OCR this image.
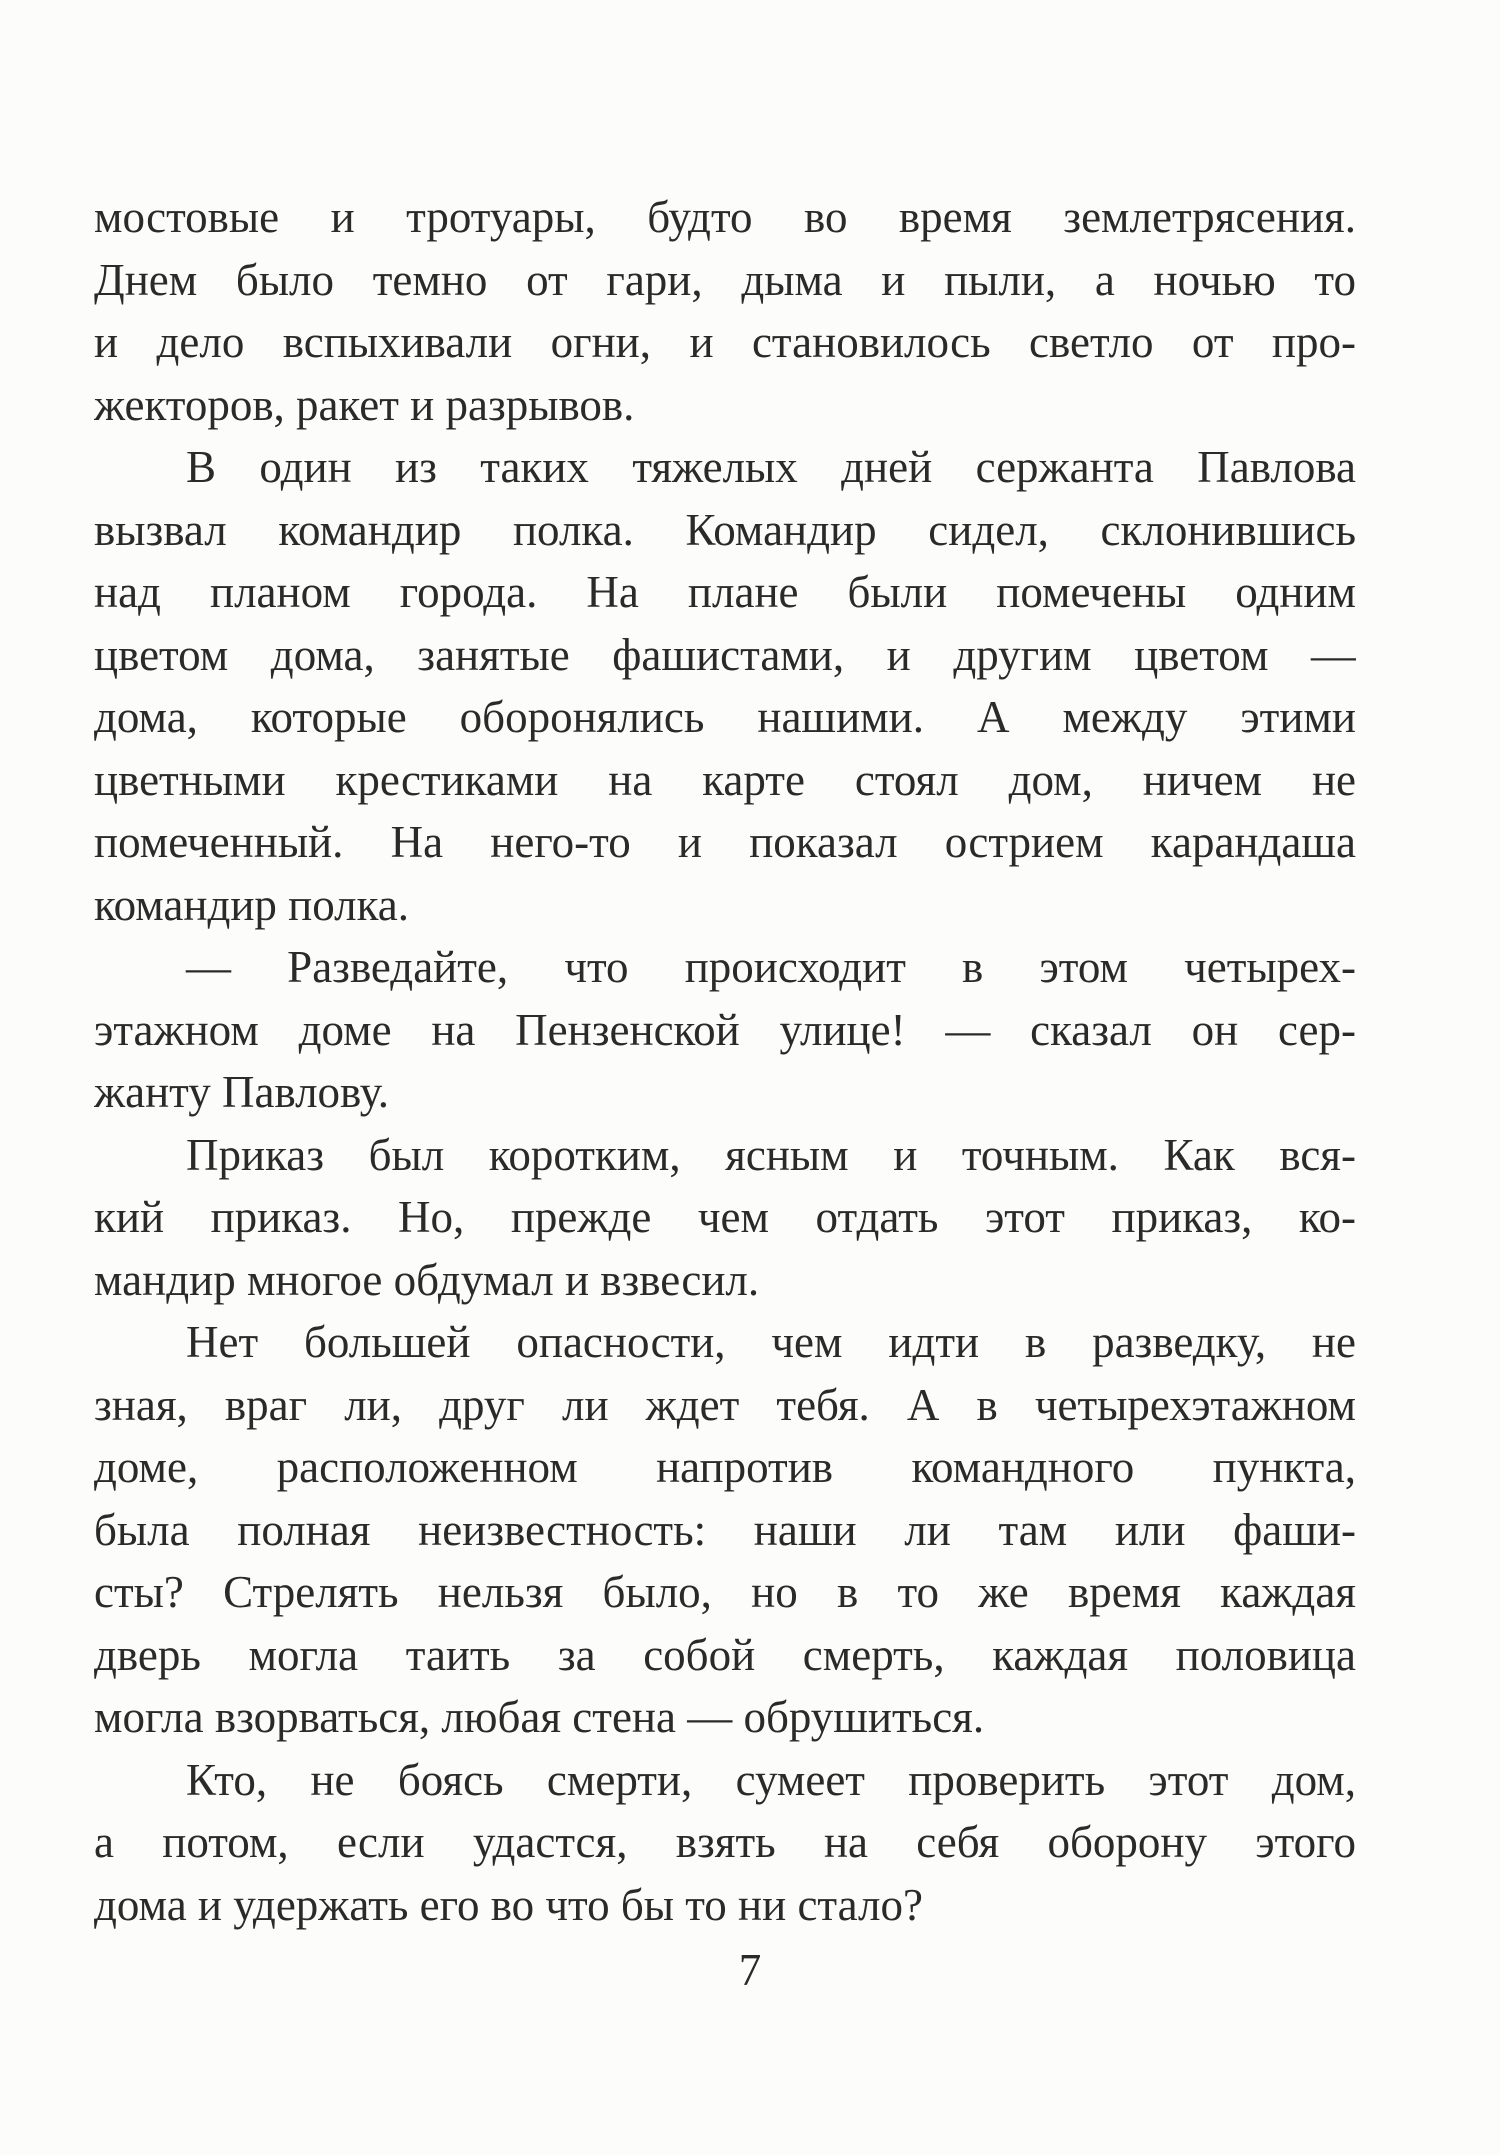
мостовые и тротуары, будто во время землетрясения.
Днем было темно от гари, дыма и пыли, а ночью то
и дело вспыхивали огни, и становилось светло от про-
жекторов, ракет и разрывов.
В один из таких тяжелых дней сержанта Павлова
вызвал командир полка. Командир сидел, склонившись
над планом города. На плане были помечены одним
цветом дома, занятые фашистами, и другим цветом —
дома, которые оборонялись нашими. А между этими
цветными крестиками на карте стоял дом, ничем не
помеченный. На него-то и показал острием карандаша
командир полка.
— Разведайте, что происходит в этом четырех-
этажном доме на Пензенской улице! — сказал он сер-
жанту Павлову.
Приказ был коротким, ясным и точным. Как вся-
кий приказ. Но, прежде чем отдать этот приказ, ко-
мандир многое обдумал и взвесил.
Нет большей опасности, чем идти в разведку, не
зная, враг ли, друг ли ждет тебя. А в четырехэтажном
доме, расположенном напротив командного пункта,
была полная неизвестность: наши ли там или фаши-
сты? Стрелять нельзя было, но в то же время каждая
дверь могла таить за собой смерть, каждая половица
могла взорваться, любая стена — обрушиться.
Кто, не боясь смерти, сумеет проверить этот дом,
а потом, если удастся, взять на себя оборону этого
дома и удержать его во что бы то ни стало?
7
